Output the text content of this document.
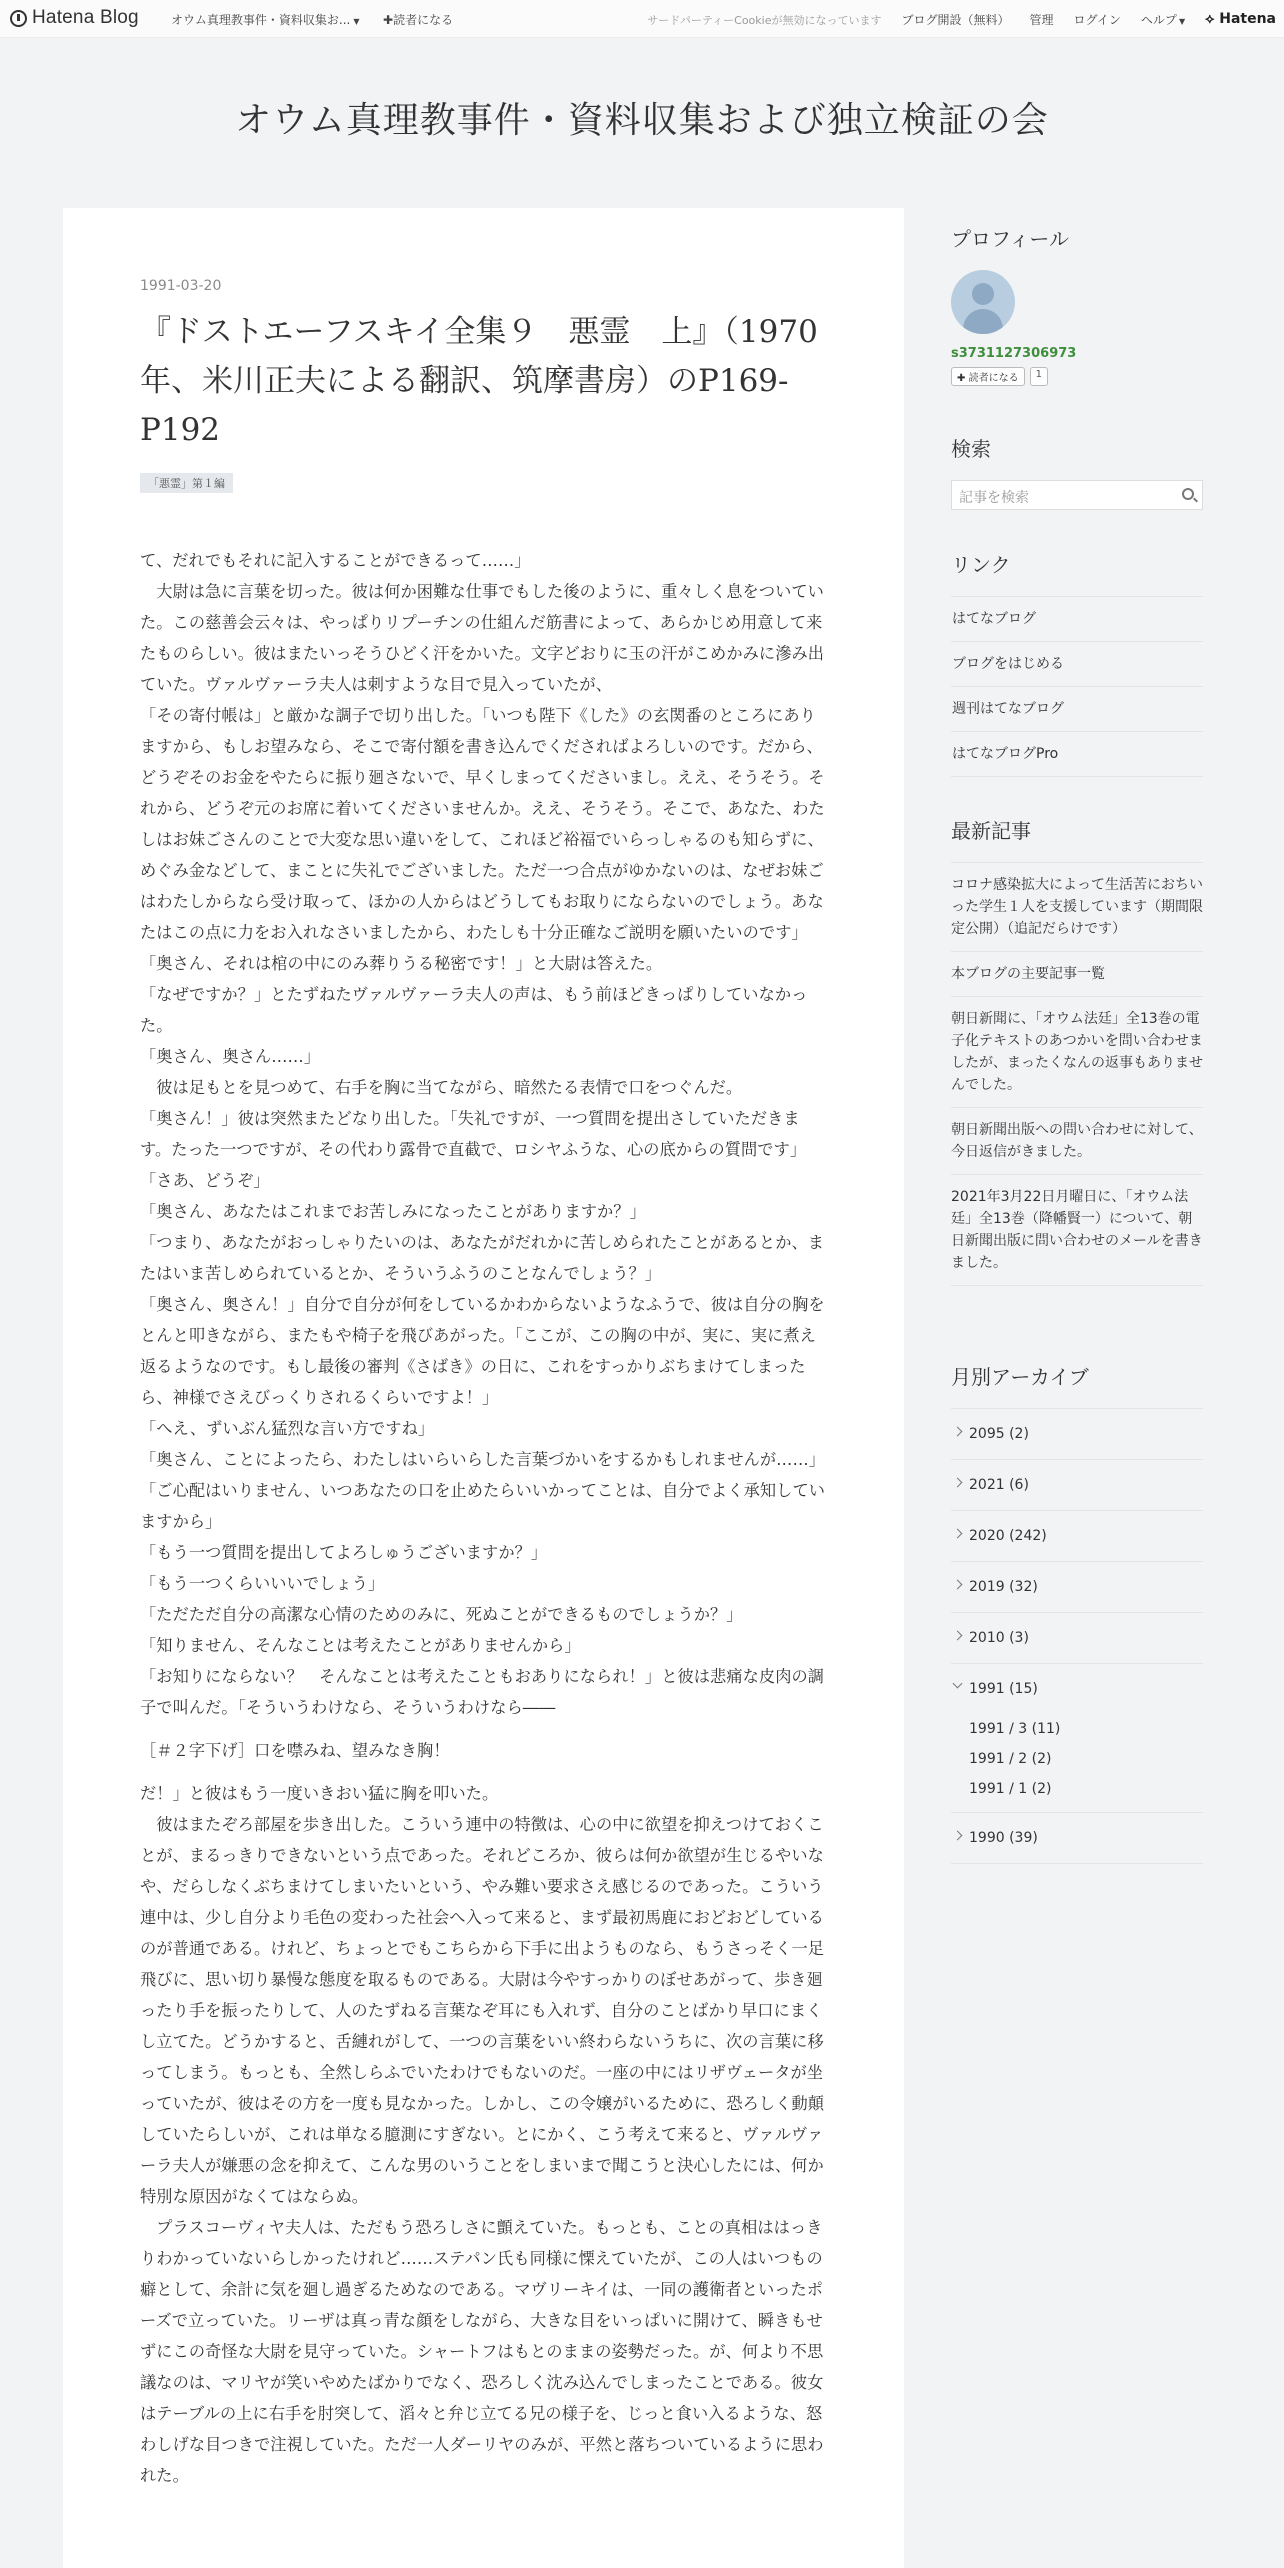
Hatena Blog	オウム真理教事件・資料収集お... ▼ ✚読者になる	サードパーティーCookieが無効になっています ブログ開設（無料） 管理 ログイン ヘルプ ▼ ⟡ Hatena
オウム真理教事件・資料収集および独立検証の会
1991-03-20
『ドストエーフスキイ全集９　悪霊　上』（1970年、米川正夫による翻訳、筑摩書房）のP169-P192
「悪霊」第１編

て、だれでもそれに記入することができるって……」

大尉は急に言葉を切った。彼は何か困難な仕事でもした後のように、重々しく息をついていた。この慈善会云々は、やっぱりリプーチンの仕組んだ筋書によって、あらかじめ用意して来たものらしい。彼はまたいっそうひどく汗をかいた。文字どおりに玉の汗がこめかみに滲み出ていた。ヴァルヴァーラ夫人は刺すような目で見入っていたが、

「その寄付帳は」と厳かな調子で切り出した。「いつも陛下《した》の玄関番のところにありますから、もしお望みなら、そこで寄付額を書き込んでくださればよろしいのです。だから、どうぞそのお金をやたらに振り廻さないで、早くしまってくださいまし。ええ、そうそう。それから、どうぞ元のお席に着いてくださいませんか。ええ、そうそう。そこで、あなた、わたしはお妹ごさんのことで大変な思い違いをして、これほど裕福でいらっしゃるのも知らずに、めぐみ金などして、まことに失礼でございました。ただ一つ合点がゆかないのは、なぜお妹ごはわたしからなら受け取って、ほかの人からはどうしてもお取りにならないのでしょう。あなたはこの点に力をお入れなさいましたから、わたしも十分正確なご説明を願いたいのです」

「奥さん、それは棺の中にのみ葬りうる秘密です！」と大尉は答えた。

「なぜですか？」とたずねたヴァルヴァーラ夫人の声は、もう前ほどきっぱりしていなかった。

「奥さん、奥さん……」

彼は足もとを見つめて、右手を胸に当てながら、暗然たる表情で口をつぐんだ。

「奥さん！」彼は突然またどなり出した。「失礼ですが、一つ質問を提出さしていただきます。たった一つですが、その代わり露骨で直截で、ロシヤふうな、心の底からの質問です」

「さあ、どうぞ」

「奥さん、あなたはこれまでお苦しみになったことがありますか？」

「つまり、あなたがおっしゃりたいのは、あなたがだれかに苦しめられたことがあるとか、またはいま苦しめられているとか、そういうふうのことなんでしょう？」

「奥さん、奥さん！」自分で自分が何をしているかわからないようなふうで、彼は自分の胸をとんと叩きながら、またもや椅子を飛びあがった。「ここが、この胸の中が、実に、実に煮え返るようなのです。もし最後の審判《さばき》の日に、これをすっかりぶちまけてしまったら、神様でさえびっくりされるくらいですよ！」

「へえ、ずいぶん猛烈な言い方ですね」

「奥さん、ことによったら、わたしはいらいらした言葉づかいをするかもしれませんが……」

「ご心配はいりません、いつあなたの口を止めたらいいかってことは、自分でよく承知していますから」

「もう一つ質問を提出してよろしゅうございますか？」

「もう一つくらいいいでしょう」

「ただただ自分の高潔な心情のためのみに、死ぬことができるものでしょうか？」

「知りません、そんなことは考えたことがありませんから」

「お知りにならない？　そんなことは考えたこともおありになられ！」と彼は悲痛な皮肉の調子で叫んだ。「そういうわけなら、そういうわけなら――

［＃２字下げ］口を噤みね、望みなき胸！

だ！」と彼はもう一度いきおい猛に胸を叩いた。

彼はまたぞろ部屋を歩き出した。こういう連中の特徴は、心の中に欲望を抑えつけておくことが、まるっきりできないという点であった。それどころか、彼らは何か欲望が生じるやいなや、だらしなくぶちまけてしまいたいという、やみ難い要求さえ感じるのであった。こういう連中は、少し自分より毛色の変わった社会へ入って来ると、まず最初馬鹿におどおどしているのが普通である。けれど、ちょっとでもこちらから下手に出ようものなら、もうさっそく一足飛びに、思い切り暴慢な態度を取るものである。大尉は今やすっかりのぼせあがって、歩き廻ったり手を振ったりして、人のたずねる言葉なぞ耳にも入れず、自分のことばかり早口にまくし立てた。どうかすると、舌縺れがして、一つの言葉をいい終わらないうちに、次の言葉に移ってしまう。もっとも、全然しらふでいたわけでもないのだ。一座の中にはリザヴェータが坐っていたが、彼はその方を一度も見なかった。しかし、この令嬢がいるために、恐ろしく動顛していたらしいが、これは単なる臆測にすぎない。とにかく、こう考えて来ると、ヴァルヴァーラ夫人が嫌悪の念を抑えて、こんな男のいうことをしまいまで聞こうと決心したには、何か特別な原因がなくてはならぬ。

プラスコーヴィヤ夫人は、ただもう恐ろしさに顫えていた。もっとも、ことの真相ははっきりわかっていないらしかったけれど……ステパン氏も同様に慄えていたが、この人はいつもの癖として、余計に気を廻し過ぎるためなのである。マヴリーキイは、一同の護衛者といったポーズで立っていた。リーザは真っ青な顔をしながら、大きな目をいっぱいに開けて、瞬きもせずにこの奇怪な大尉を見守っていた。シャートフはもとのままの姿勢だった。が、何より不思議なのは、マリヤが笑いやめたばかりでなく、恐ろしく沈み込んでしまったことである。彼女はテーブルの上に右手を肘突して、滔々と弁じ立てる兄の様子を、じっと食い入るような、怒わしげな目つきで注視していた。ただ一人ダーリヤのみが、平然と落ちついているように思われた。

プロフィール
s3731127306973
✚ 読者になる	1
検索
記事を検索
リンク
はてなブログ
ブログをはじめる
週刊はてなブログ
はてなブログPro
最新記事
コロナ感染拡大によって生活苦におちいった学生１人を支援しています（期間限定公開）（追記だらけです）
本ブログの主要記事一覧
朝日新聞に、「オウム法廷」全13巻の電子化テキストのあつかいを問い合わせましたが、まったくなんの返事もありませんでした。
朝日新聞出版への問い合わせに対して、今日返信がきました。
2021年3月22日月曜日に、「オウム法廷」全13巻（降幡賢一）について、朝日新聞出版に問い合わせのメールを書きました。
月別アーカイブ
2095 (2)
2021 (6)
2020 (242)
2019 (32)
2010 (3)
1991 (15)
1991 / 3 (11)
1991 / 2 (2)
1991 / 1 (2)
1990 (39)
